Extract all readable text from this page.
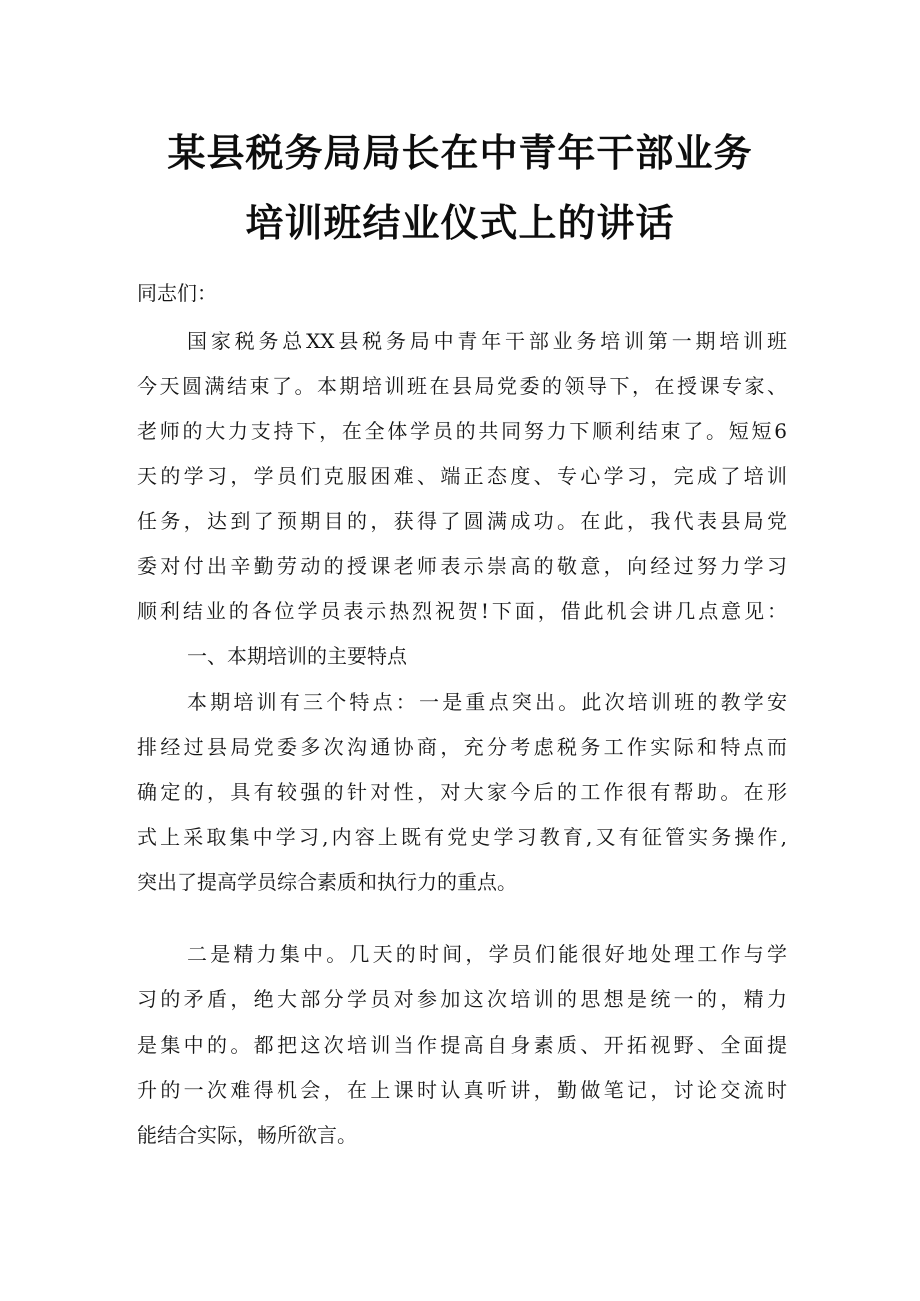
某县税务局局长在中青年干部业务
培训班结业仪式上的讲话
同志们：
国家税务总XX县税务局中青年干部业务培训第一期培训班
今天圆满结束了。本期培训班在县局党委的领导下，在授课专家、
老师的大力支持下，在全体学员的共同努力下顺利结束了。短短6
天的学习，学员们克服困难、端正态度、专心学习，完成了培训
任务，达到了预期目的，获得了圆满成功。在此，我代表县局党
委对付出辛勤劳动的授课老师表示崇高的敬意，向经过努力学习
顺利结业的各位学员表示热烈祝贺!下面，借此机会讲几点意见：
一、本期培训的主要特点
本期培训有三个特点：一是重点突出。此次培训班的教学安
排经过县局党委多次沟通协商，充分考虑税务工作实际和特点而
确定的，具有较强的针对性，对大家今后的工作很有帮助。在形
式上采取集中学习,内容上既有党史学习教育,又有征管实务操作,
突出了提高学员综合素质和执行力的重点。
二是精力集中。几天的时间，学员们能很好地处理工作与学
习的矛盾，绝大部分学员对参加这次培训的思想是统一的，精力
是集中的。都把这次培训当作提高自身素质、开拓视野、全面提
升的一次难得机会，在上课时认真听讲，勤做笔记，讨论交流时
能结合实际，畅所欲言。
